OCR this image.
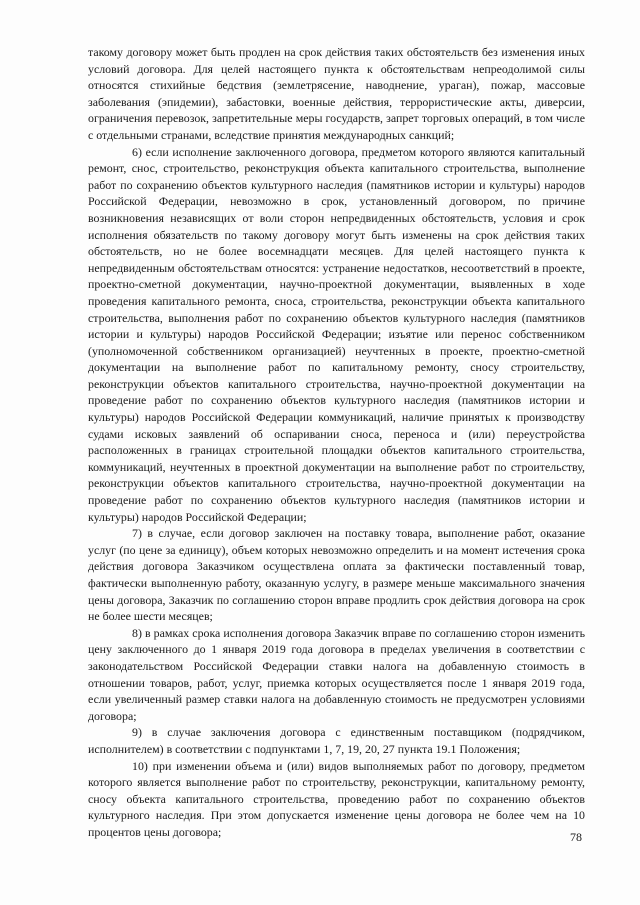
такому договору может быть продлен на срок действия таких обстоятельств без изменения иных условий договора. Для целей настоящего пункта к обстоятельствам непреодолимой силы относятся стихийные бедствия (землетрясение, наводнение, ураган), пожар, массовые заболевания (эпидемии), забастовки, военные действия, террористические акты, диверсии, ограничения перевозок, запретительные меры государств, запрет торговых операций, в том числе с отдельными странами, вследствие принятия международных санкций;

6) если исполнение заключенного договора, предметом которого являются капитальный ремонт, снос, строительство, реконструкция объекта капитального строительства, выполнение работ по сохранению объектов культурного наследия (памятников истории и культуры) народов Российской Федерации, невозможно в срок, установленный договором, по причине возникновения независящих от воли сторон непредвиденных обстоятельств, условия и срок исполнения обязательств по такому договору могут быть изменены на срок действия таких обстоятельств, но не более восемнадцати месяцев. Для целей настоящего пункта к непредвиденным обстоятельствам относятся: устранение недостатков, несоответствий в проекте, проектно-сметной документации, научно-проектной документации, выявленных в ходе проведения капитального ремонта, сноса, строительства, реконструкции объекта капитального строительства, выполнения работ по сохранению объектов культурного наследия (памятников истории и культуры) народов Российской Федерации; изъятие или перенос собственником (уполномоченной собственником организацией) неучтенных в проекте, проектно-сметной документации на выполнение работ по капитальному ремонту, сносу строительству, реконструкции объектов капитального строительства, научно-проектной документации на проведение работ по сохранению объектов культурного наследия (памятников истории и культуры) народов Российской Федерации коммуникаций, наличие принятых к производству судами исковых заявлений об оспаривании сноса, переноса и (или) переустройства расположенных в границах строительной площадки объектов капитального строительства, коммуникаций, неучтенных в проектной документации на выполнение работ по строительству, реконструкции объектов капитального строительства, научно-проектной документации на проведение работ по сохранению объектов культурного наследия (памятников истории и культуры) народов Российской Федерации;

7) в случае, если договор заключен на поставку товара, выполнение работ, оказание услуг (по цене за единицу), объем которых невозможно определить и на момент истечения срока действия договора Заказчиком осуществлена оплата за фактически поставленный товар, фактически выполненную работу, оказанную услугу, в размере меньше максимального значения цены договора, Заказчик по соглашению сторон вправе продлить срок действия договора на срок не более шести месяцев;

8) в рамках срока исполнения договора Заказчик вправе по соглашению сторон изменить цену заключенного до 1 января 2019 года договора в пределах увеличения в соответствии с законодательством Российской Федерации ставки налога на добавленную стоимость в отношении товаров, работ, услуг, приемка которых осуществляется после 1 января 2019 года, если увеличенный размер ставки налога на добавленную стоимость не предусмотрен условиями договора;

9) в случае заключения договора с единственным поставщиком (подрядчиком, исполнителем) в соответствии с подпунктами 1, 7, 19, 20, 27 пункта 19.1 Положения;

10) при изменении объема и (или) видов выполняемых работ по договору, предметом которого является выполнение работ по строительству, реконструкции, капитальному ремонту, сносу объекта капитального строительства, проведению работ по сохранению объектов культурного наследия. При этом допускается изменение цены договора не более чем на 10 процентов цены договора;	78
